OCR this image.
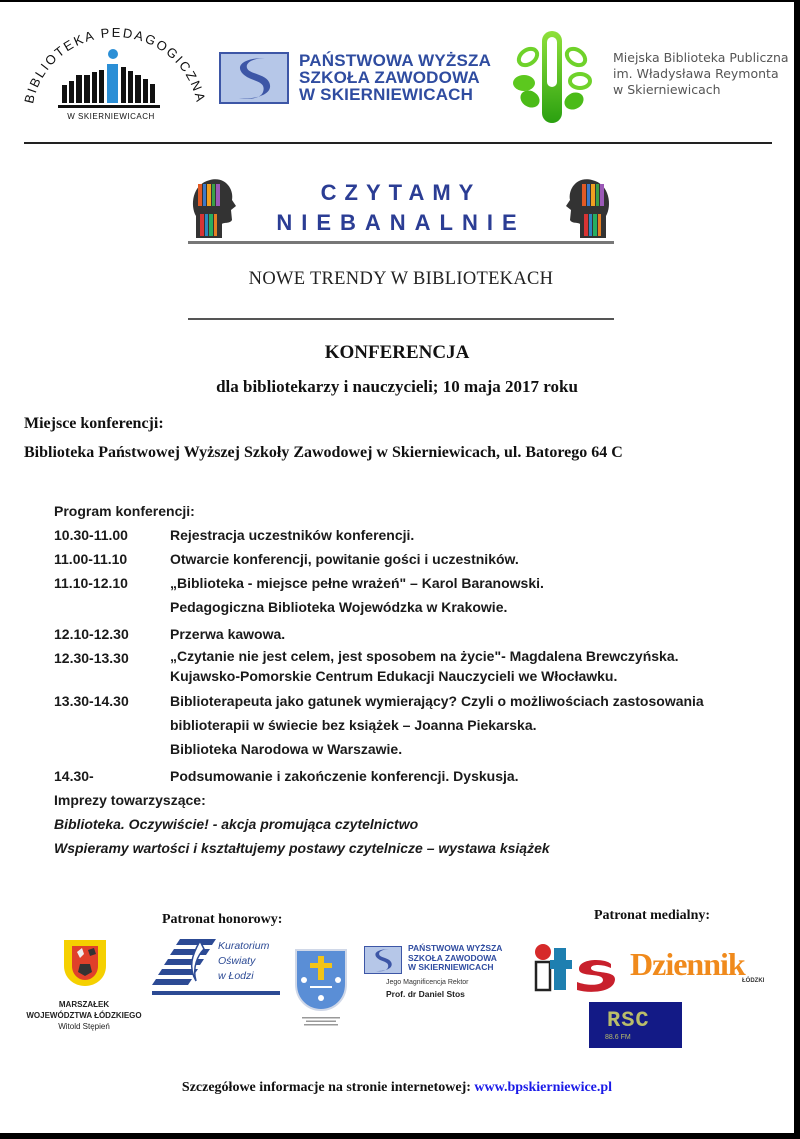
BIBLIOTEKA PEDAGOGICZNA
W SKIERNIEWICACH
PAŃSTWOWA WYŻSZA
SZKOŁA ZAWODOWA
W SKIERNIEWICACH
Miejska Biblioteka Publiczna
im. Władysława Reymonta
w Skierniewicach
CZYTAMY
NIEBANALNIE
NOWE TRENDY W BIBLIOTEKACH
KONFERENCJA
dla bibliotekarzy i nauczycieli; 10 maja 2017 roku
Miejsce konferencji:
Biblioteka Państwowej Wyższej Szkoły Zawodowej w Skierniewicach, ul. Batorego 64 C
Program konferencji:
10.30-11.00	Rejestracja uczestników konferencji.
11.00-11.10	Otwarcie konferencji, powitanie gości i uczestników.
11.10-12.10	„Biblioteka - miejsce pełne wrażeń" – Karol Baranowski.
Pedagogiczna Biblioteka Wojewódzka w Krakowie.
12.10-12.30	Przerwa kawowa.
12.30-13.30	„Czytanie nie jest celem, jest sposobem na życie"- Magdalena Brewczyńska.
Kujawsko-Pomorskie Centrum Edukacji Nauczycieli we Włocławku.
13.30-14.30	Biblioterapeuta jako gatunek wymierający? Czyli o możliwościach zastosowania
biblioterapii w świecie bez książek – Joanna Piekarska.
Biblioteka Narodowa w Warszawie.
14.30-	Podsumowanie i zakończenie konferencji. Dyskusja.
Imprezy towarzyszące:
Biblioteka. Oczywiście! - akcja promująca czytelnictwo
Wspieramy wartości i kształtujemy postawy czytelnicze – wystawa książek
Patronat honorowy:	Patronat medialny:
MARSZAŁEK
WOJEWÓDZTWA ŁÓDZKIEGO
Witold Stępień
Kuratorium
Oświaty
w Łodzi
PAŃSTWOWA WYŻSZA
SZKOŁA ZAWODOWA
W SKIERNIEWICACH
Jego Magnificencja Rektor
Prof. dr Daniel Stos
Dziennik
ŁÓDZKI
RSC
88.6 FM
Szczegółowe informacje na stronie internetowej: www.bpskierniewice.pl
